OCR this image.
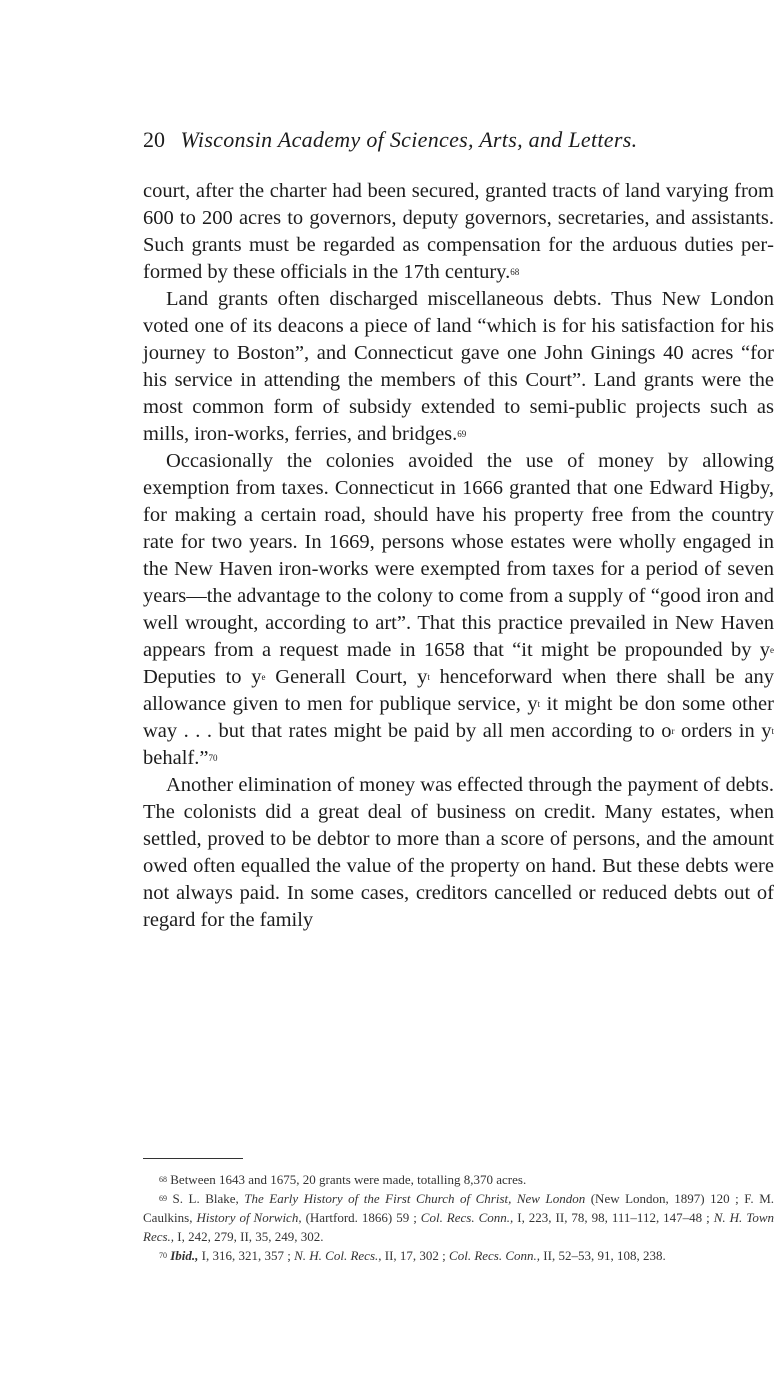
20 Wisconsin Academy of Sciences, Arts, and Letters.

court, after the charter had been secured, granted tracts of land varying from 600 to 200 acres to governors, deputy governors, secretaries, and assistants. Such grants must be regarded as compensation for the arduous duties performed by these officials in the 17th century.$^{68}$

Land grants often discharged miscellaneous debts. Thus New London voted one of its deacons a piece of land “which is for his satisfaction for his journey to Boston”, and Connecticut gave one John Ginings 40 acres “for his service in attending the members of this Court”. Land grants were the most common form of subsidy extended to semi-public projects such as mills, iron-works, ferries, and bridges.$^{69}$

Occasionally the colonies avoided the use of money by allowing exemption from taxes. Connecticut in 1666 granted that one Edward Higby, for making a certain road, should have his property free from the country rate for two years. In 1669, persons whose estates were wholly engaged in the New Haven iron-works were exempted from taxes for a period of seven years—the advantage to the colony to come from a supply of “good iron and well wrought, according to art”. That this practice prevailed in New Haven appears from a request made in 1658 that “it might be propounded by $y^e$ Deputies to $y^e$ Generall Court, $y^t$ henceforward when there shall be any allowance given to men for publique service, $y^t$ it might be don some other way . . . but that rates might be paid by all men according to $o^r$ orders in $y^t$ behalf.”$^{70}$

Another elimination of money was effected through the payment of debts. The colonists did a great deal of business on credit. Many estates, when settled, proved to be debtor to more than a score of persons, and the amount owed often equalled the value of the property on hand. But these debts were not always paid. In some cases, creditors cancelled or reduced debts out of regard for the family

$^{68}$ Between 1643 and 1675, 20 grants were made, totalling 8,370 acres.

$^{69}$ S. L. Blake, The Early History of the First Church of Christ, New London (New London, 1897) 120 ; F. M. Caulkins, History of Norwich, (Hartford. 1866) 59 ; Col. Recs. Conn., I, 223, II, 78, 98, 111–112, 147–48 ; N. H. Town Recs., I, 242, 279, II, 35, 249, 302.

$^{70}$ Ibid., I, 316, 321, 357 ; N. H. Col. Recs., II, 17, 302 ; Col. Recs. Conn., II, 52–53, 91, 108, 238.
